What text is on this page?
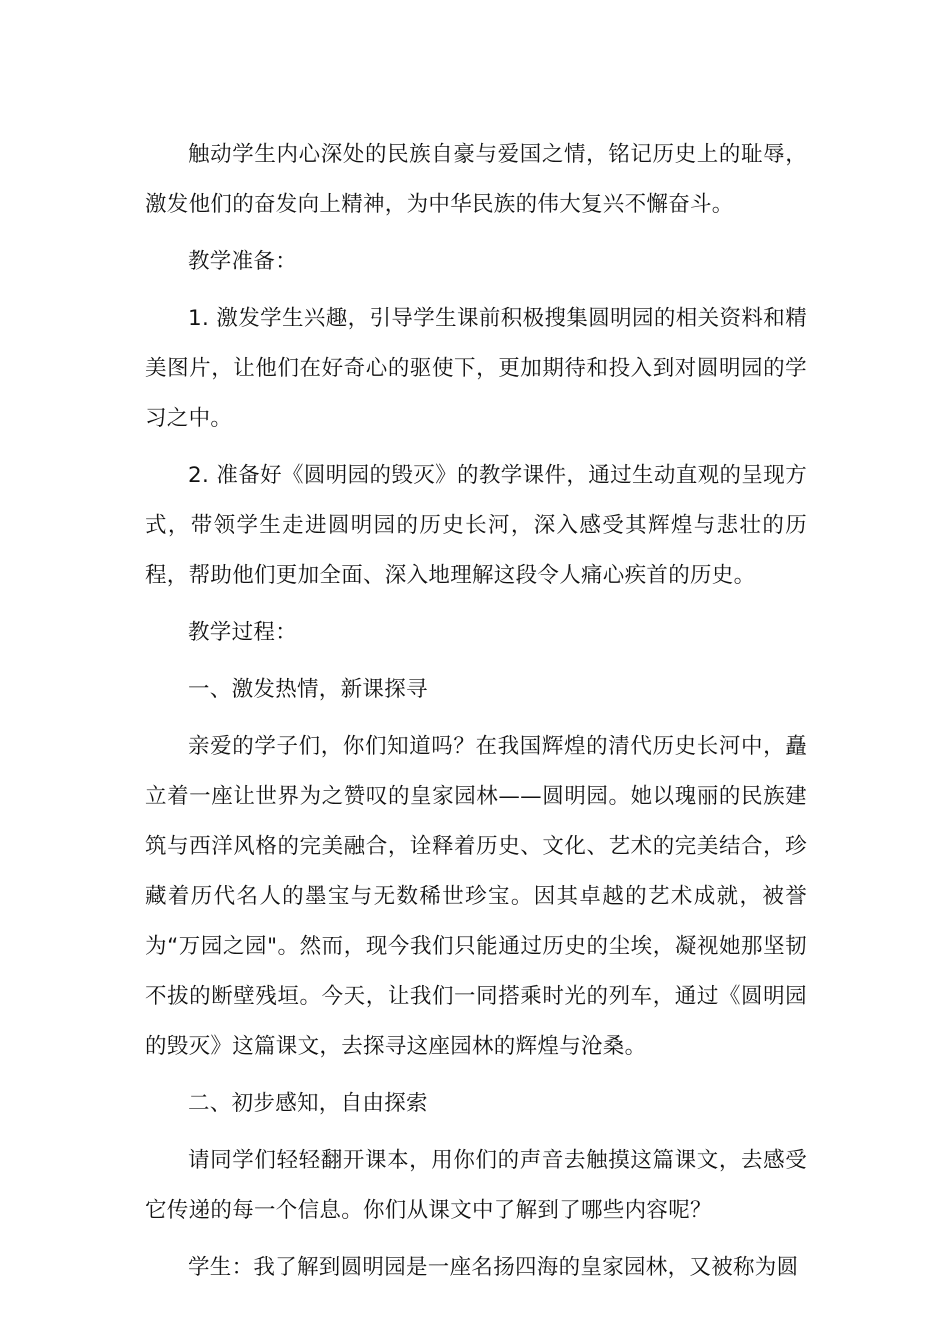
触动学生内心深处的民族自豪与爱国之情，铭记历史上的耻辱，激发他们的奋发向上精神，为中华民族的伟大复兴不懈奋斗。

教学准备：

1. 激发学生兴趣，引导学生课前积极搜集圆明园的相关资料和精美图片，让他们在好奇心的驱使下，更加期待和投入到对圆明园的学习之中。

2. 准备好《圆明园的毁灭》的教学课件，通过生动直观的呈现方式，带领学生走进圆明园的历史长河，深入感受其辉煌与悲壮的历程，帮助他们更加全面、深入地理解这段令人痛心疾首的历史。

教学过程：

一、激发热情，新课探寻

亲爱的学子们，你们知道吗？在我国辉煌的清代历史长河中，矗立着一座让世界为之赞叹的皇家园林——圆明园。她以瑰丽的民族建筑与西洋风格的完美融合，诠释着历史、文化、艺术的完美结合，珍藏着历代名人的墨宝与无数稀世珍宝。因其卓越的艺术成就，被誉为“万园之园"。然而，现今我们只能通过历史的尘埃，凝视她那坚韧不拔的断壁残垣。今天，让我们一同搭乘时光的列车，通过《圆明园的毁灭》这篇课文，去探寻这座园林的辉煌与沧桑。

二、初步感知，自由探索

请同学们轻轻翻开课本，用你们的声音去触摸这篇课文，去感受它传递的每一个信息。你们从课文中了解到了哪些内容呢？

学生：我了解到圆明园是一座名扬四海的皇家园林，又被称为圆
